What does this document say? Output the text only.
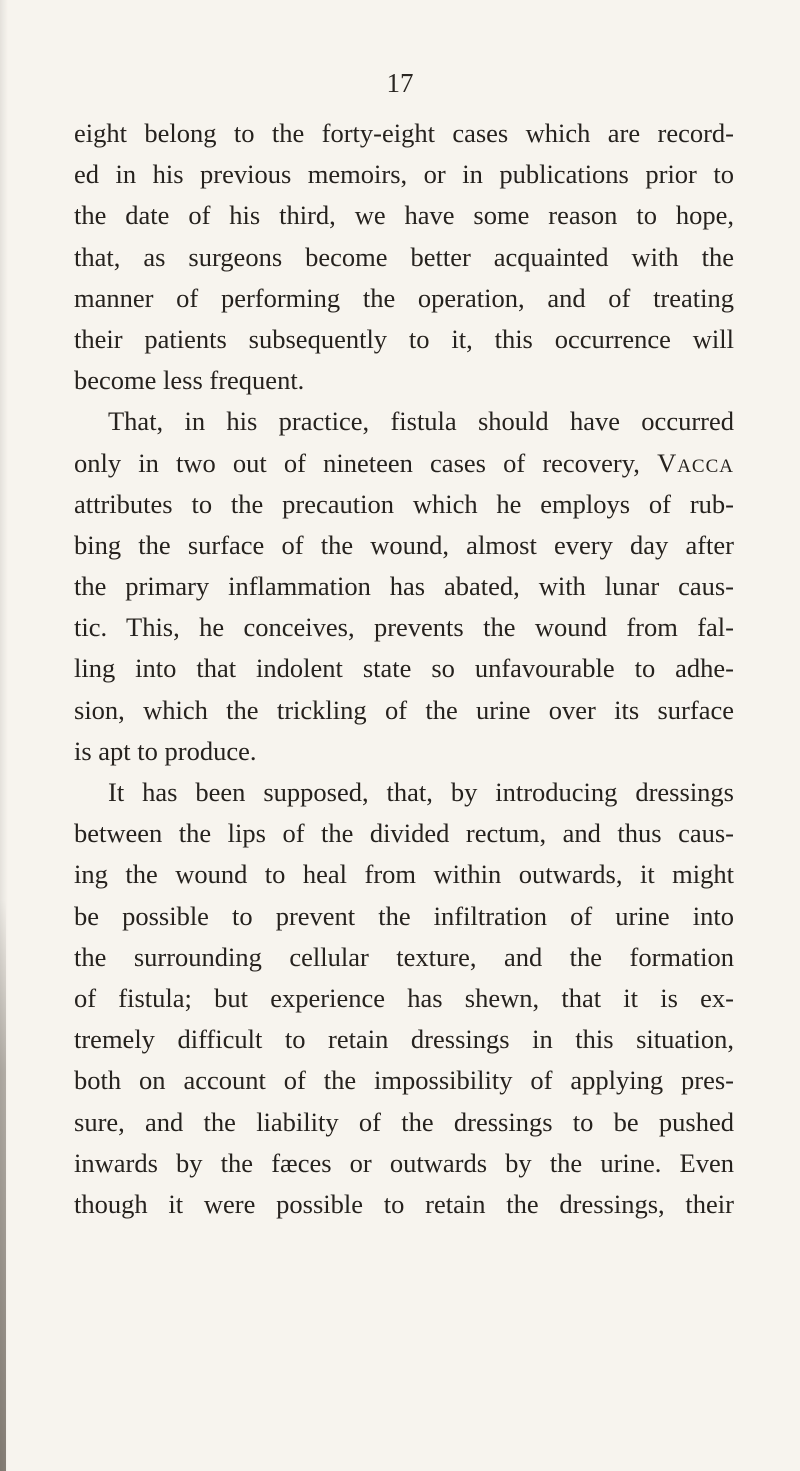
17
eight belong to the forty-eight cases which are record-
ed in his previous memoirs, or in publications prior to
the date of his third, we have some reason to hope,
that, as surgeons become better acquainted with the
manner of performing the operation, and of treating
their patients subsequently to it, this occurrence will
become less frequent.
That, in his practice, fistula should have occurred
only in two out of nineteen cases of recovery, Vacca
attributes to the precaution which he employs of rub-
bing the surface of the wound, almost every day after
the primary inflammation has abated, with lunar caus-
tic. This, he conceives, prevents the wound from fal-
ling into that indolent state so unfavourable to adhe-
sion, which the trickling of the urine over its surface
is apt to produce.
It has been supposed, that, by introducing dressings
between the lips of the divided rectum, and thus caus-
ing the wound to heal from within outwards, it might
be possible to prevent the infiltration of urine into
the surrounding cellular texture, and the formation
of fistula; but experience has shewn, that it is ex-
tremely difficult to retain dressings in this situation,
both on account of the impossibility of applying pres-
sure, and the liability of the dressings to be pushed
inwards by the fæces or outwards by the urine. Even
though it were possible to retain the dressings, their
